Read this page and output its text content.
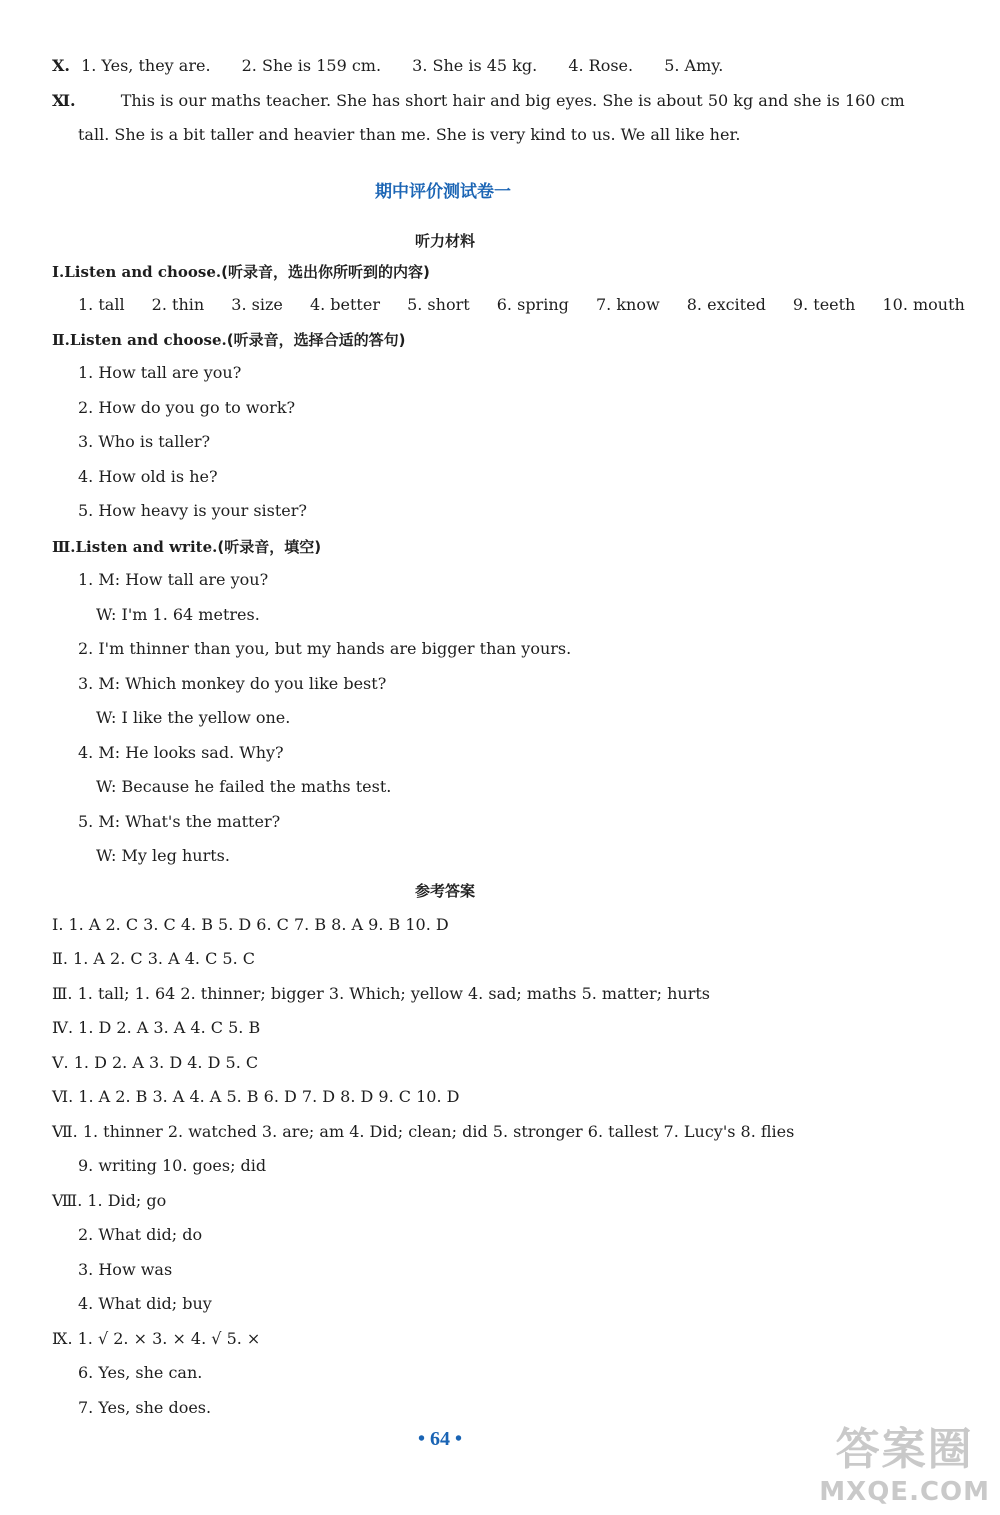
Ⅹ. 1. Yes, they are. 2. She is 159 cm. 3. She is 45 kg. 4. Rose. 5. Amy.
Ⅺ.	This is our maths teacher. She has short hair and big eyes. She is about 50 kg and she is 160 cm
tall. She is a bit taller and heavier than me. She is very kind to us. We all like her.
期中评价测试卷一
听力材料
Ⅰ.Listen and choose.(听录音，选出你所听到的内容)
1. tall 2. thin 3. size 4. better 5. short 6. spring 7. know 8. excited 9. teeth 10. mouth
Ⅱ.Listen and choose.(听录音，选择合适的答句)
1. How tall are you?
2. How do you go to work?
3. Who is taller?
4. How old is he?
5. How heavy is your sister?
Ⅲ.Listen and write.(听录音，填空)
1. M: How tall are you?
W: I'm 1. 64 metres.
2. I'm thinner than you, but my hands are bigger than yours.
3. M: Which monkey do you like best?
W: I like the yellow one.
4. M: He looks sad. Why?
W: Because he failed the maths test.
5. M: What's the matter?
W: My leg hurts.
参考答案
Ⅰ. 1. A 2. C 3. C 4. B 5. D 6. C 7. B 8. A 9. B 10. D
Ⅱ. 1. A 2. C 3. A 4. C 5. C
Ⅲ. 1. tall; 1. 64 2. thinner; bigger 3. Which; yellow 4. sad; maths 5. matter; hurts
Ⅳ. 1. D 2. A 3. A 4. C 5. B
Ⅴ. 1. D 2. A 3. D 4. D 5. C
Ⅵ. 1. A 2. B 3. A 4. A 5. B 6. D 7. D 8. D 9. C 10. D
Ⅶ. 1. thinner 2. watched 3. are; am 4. Did; clean; did 5. stronger 6. tallest 7. Lucy's 8. flies
9. writing 10. goes; did
Ⅷ. 1. Did; go
2. What did; do
3. How was
4. What did; buy
Ⅸ. 1. √ 2. × 3. × 4. √ 5. ×
6. Yes, she can.
7. Yes, she does.
• 64 •	答案圈
MXQE.COM
